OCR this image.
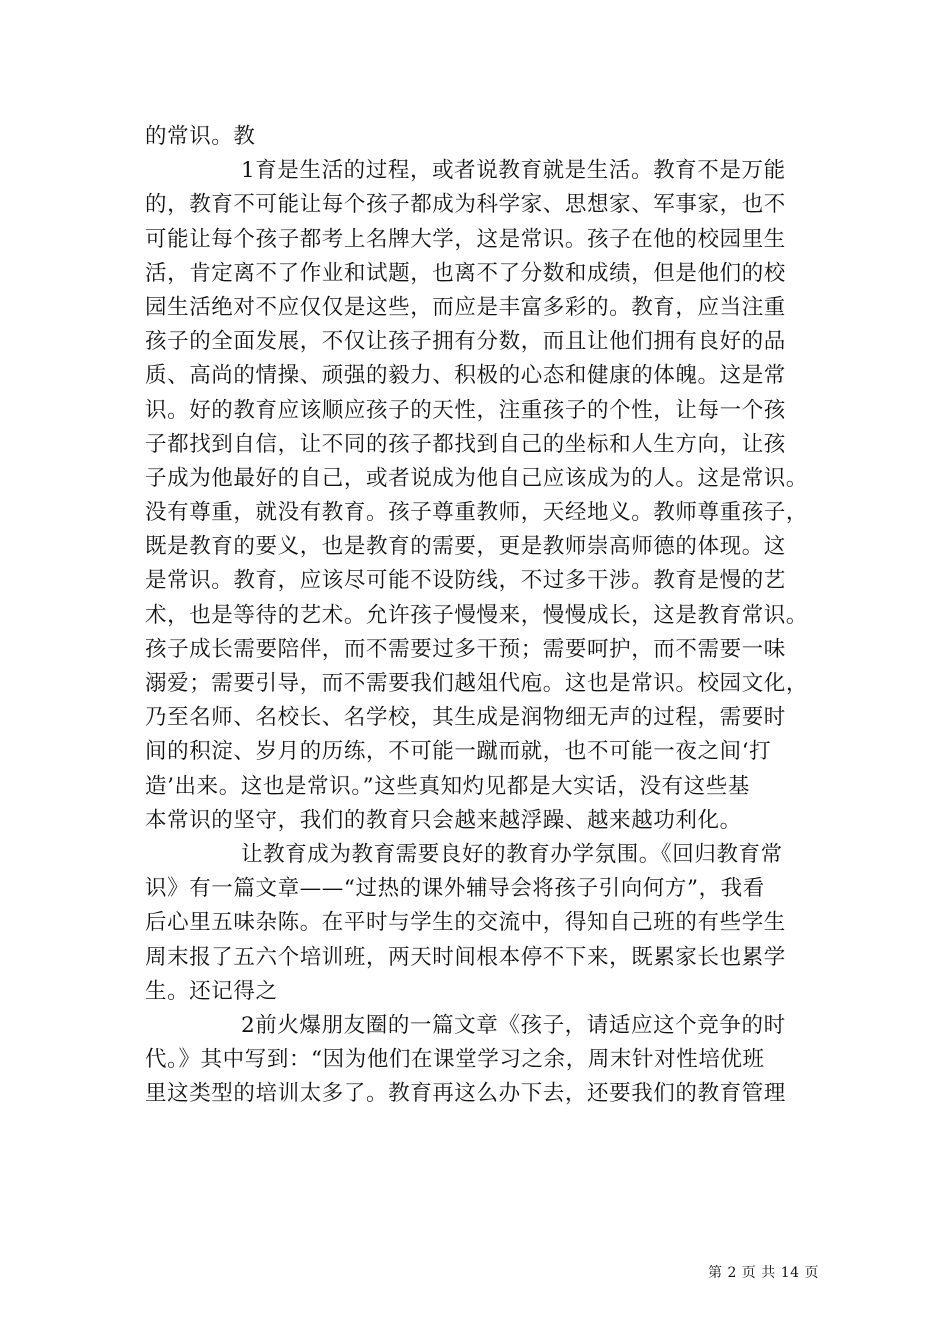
的常识。教
1育是生活的过程，或者说教育就是生活。教育不是万能
的，教育不可能让每个孩子都成为科学家、思想家、军事家，也不
可能让每个孩子都考上名牌大学，这是常识。孩子在他的校园里生
活，肯定离不了作业和试题，也离不了分数和成绩，但是他们的校
园生活绝对不应仅仅是这些，而应是丰富多彩的。教育，应当注重
孩子的全面发展，不仅让孩子拥有分数，而且让他们拥有良好的品
质、高尚的情操、顽强的毅力、积极的心态和健康的体魄。这是常
识。好的教育应该顺应孩子的天性，注重孩子的个性，让每一个孩
子都找到自信，让不同的孩子都找到自己的坐标和人生方向，让孩
子成为他最好的自己，或者说成为他自己应该成为的人。这是常识。
没有尊重，就没有教育。孩子尊重教师，天经地义。教师尊重孩子，
既是教育的要义，也是教育的需要，更是教师崇高师德的体现。这
是常识。教育，应该尽可能不设防线，不过多干涉。教育是慢的艺
术，也是等待的艺术。允许孩子慢慢来，慢慢成长，这是教育常识。
孩子成长需要陪伴，而不需要过多干预；需要呵护，而不需要一味
溺爱；需要引导，而不需要我们越俎代庖。这也是常识。校园文化，
乃至名师、名校长、名学校，其生成是润物细无声的过程，需要时
间的积淀、岁月的历练，不可能一蹴而就，也不可能一夜之间‘打
造’出来。这也是常识。”这些真知灼见都是大实话，没有这些基
本常识的坚守，我们的教育只会越来越浮躁、越来越功利化。
让教育成为教育需要良好的教育办学氛围。《回归教育常
识》有一篇文章——“过热的课外辅导会将孩子引向何方”，我看
后心里五味杂陈。在平时与学生的交流中，得知自己班的有些学生
周末报了五六个培训班，两天时间根本停不下来，既累家长也累学
生。还记得之
2前火爆朋友圈的一篇文章《孩子，请适应这个竞争的时
代。》其中写到：“因为他们在课堂学习之余，周末针对性培优班
里这类型的培训太多了。教育再这么办下去，还要我们的教育管理
第 2 页 共 14 页
